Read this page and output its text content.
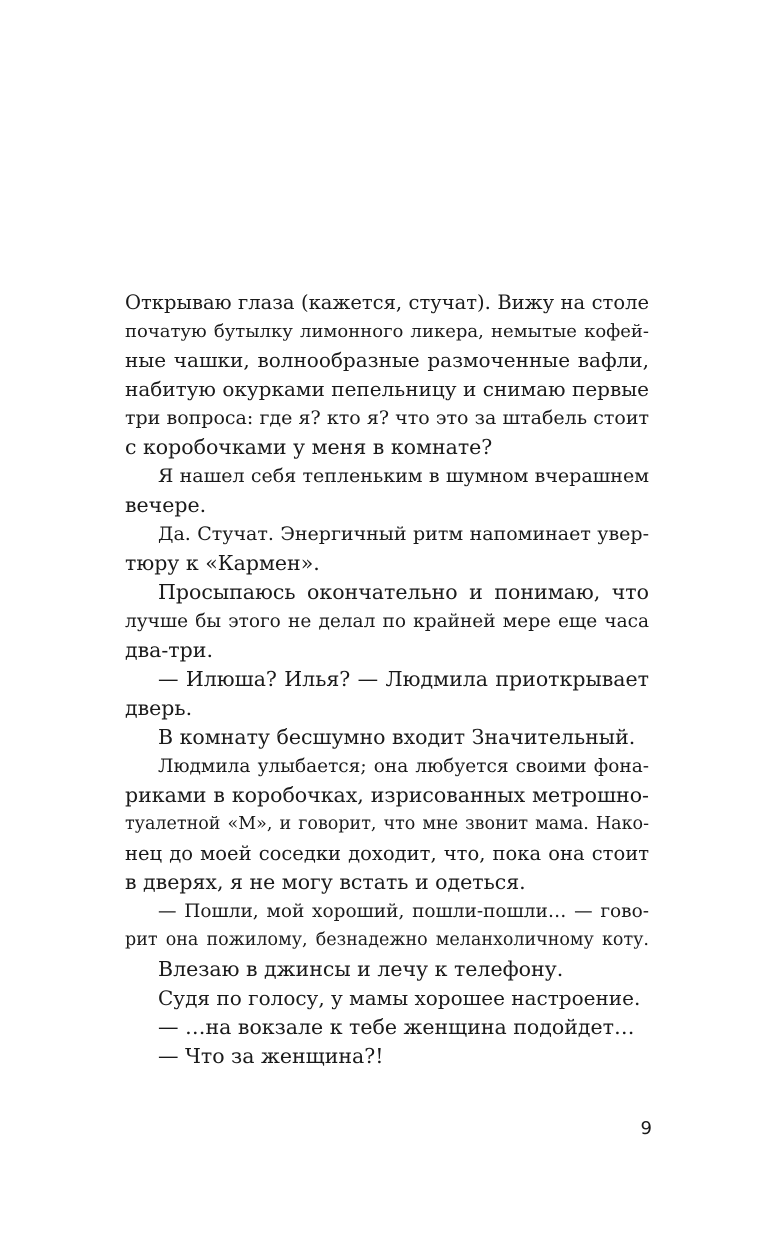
Открываю глаза (кажется, стучат). Вижу на столе
початую бутылку лимонного ликера, немытые кофей-
ные чашки, волнообразные размоченные вафли,
набитую окурками пепельницу и снимаю первые
три вопроса: где я? кто я? что это за штабель стоит
с коробочками у меня в комнате?
Я нашел себя тепленьким в шумном вчерашнем
вечере.
Да. Стучат. Энергичный ритм напоминает увер-
тюру к «Кармен».
Просыпаюсь окончательно и понимаю, что
лучше бы этого не делал по крайней мере еще часа
два-три.
— Илюша? Илья? — Людмила приоткрывает
дверь.
В комнату бесшумно входит Значительный.
Людмила улыбается; она любуется своими фона-
риками в коробочках, изрисованных метрошно-
туалетной «М», и говорит, что мне звонит мама. Нако-
нец до моей соседки доходит, что, пока она стоит
в дверях, я не могу встать и одеться.
— Пошли, мой хороший, пошли-пошли… — гово-
рит она пожилому, безнадежно меланхоличному коту.
Влезаю в джинсы и лечу к телефону.
Судя по голосу, у мамы хорошее настроение.
— …на вокзале к тебе женщина подойдет…
— Что за женщина?!
9
